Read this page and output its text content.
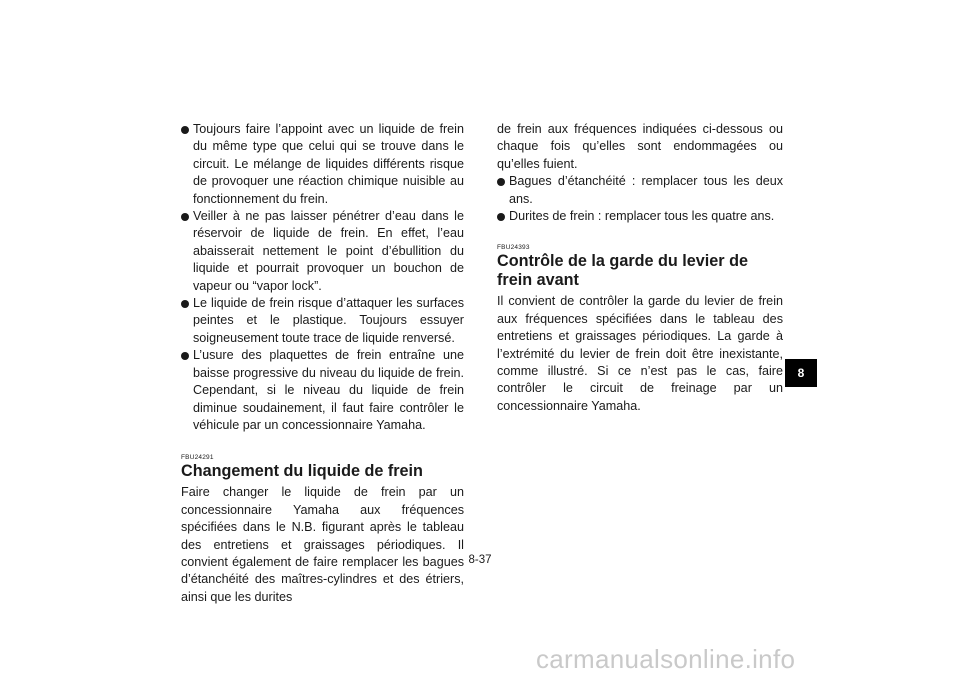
Toujours faire l’appoint avec un liquide de frein du même type que celui qui se trouve dans le circuit. Le mélange de liquides différents risque de provoquer une réaction chimique nuisible au fonctionnement du frein.
Veiller à ne pas laisser pénétrer d’eau dans le réservoir de liquide de frein. En effet, l’eau abaisserait nettement le point d’ébullition du liquide et pourrait provoquer un bouchon de vapeur ou “vapor lock”.
Le liquide de frein risque d’attaquer les surfaces peintes et le plastique. Toujours essuyer soigneusement toute trace de liquide renversé.
L’usure des plaquettes de frein entraîne une baisse progressive du niveau du liquide de frein. Cependant, si le niveau du liquide de frein diminue soudainement, il faut faire contrôler le véhicule par un concessionnaire Yamaha.

FBU24291

Changement du liquide de frein

Faire changer le liquide de frein par un concessionnaire Yamaha aux fréquences spécifiées dans le N.B. figurant après le tableau des entretiens et graissages périodiques. Il convient également de faire remplacer les bagues d’étanchéité des maîtres-cylindres et des étriers, ainsi que les durites

de frein aux fréquences indiquées ci-dessous ou chaque fois qu’elles sont endommagées ou qu’elles fuient.

Bagues d’étanchéité : remplacer tous les deux ans.
Durites de frein : remplacer tous les quatre ans.

FBU24393

Contrôle de la garde du levier de frein avant

Il convient de contrôler la garde du levier de frein aux fréquences spécifiées dans le tableau des entretiens et graissages périodiques. La garde à l’extrémité du levier de frein doit être inexistante, comme illustré. Si ce n’est pas le cas, faire contrôler le circuit de freinage par un concessionnaire Yamaha.

8-37
8
carmanualsonline.info
